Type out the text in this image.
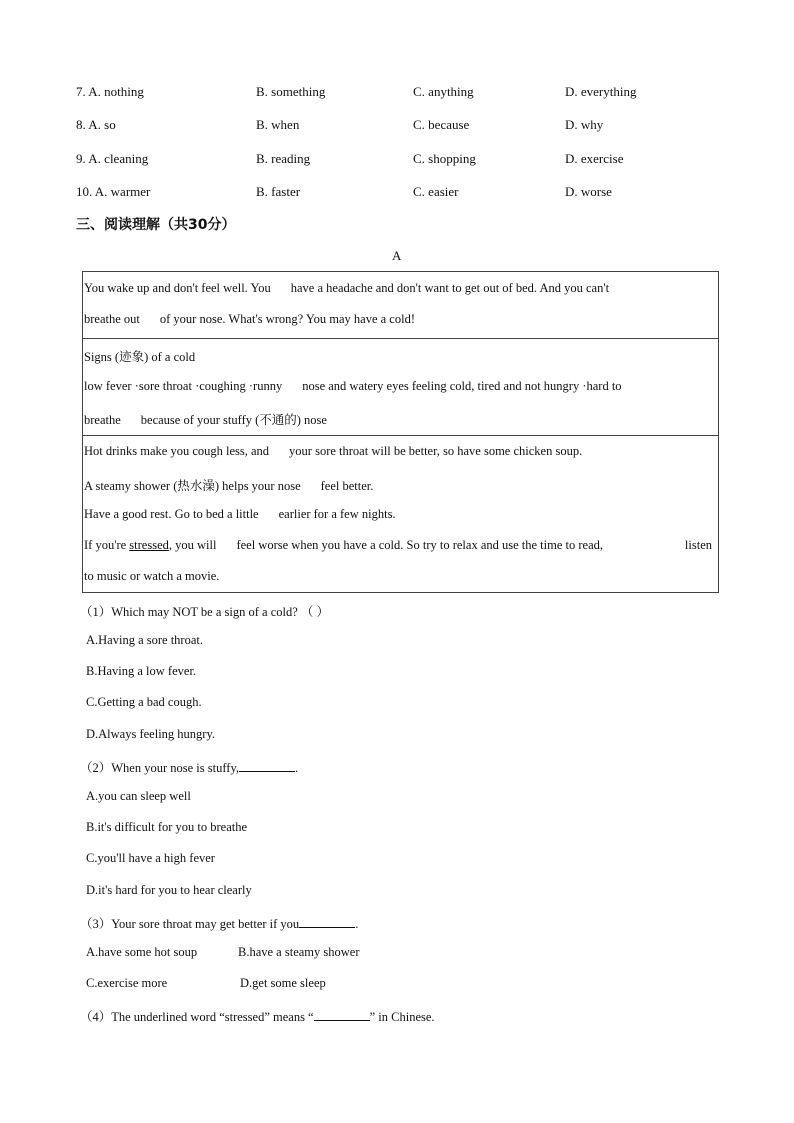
7. A. nothing	B. something	C. anything	D. everything
8. A. so	B. when	C. because	D. why
9. A. cleaning	B. reading	C. shopping	D. exercise
10. A. warmer	B. faster	C. easier	D. worse
三、阅读理解（共30分）
A
You wake up and don't feel well. You have a headache and don't want to get out of bed. And you can't
breathe out of your nose. What's wrong? You may have a cold!
Signs (迹象) of a cold
low fever ·sore throat ·coughing ·runny nose and watery eyes feeling cold, tired and not hungry ·hard to
breathe because of your stuffy (不通的) nose
Hot drinks make you cough less, and your sore throat will be better, so have some chicken soup.
A steamy shower (热水澡) helps your nose feel better.
Have a good rest. Go to bed a little earlier for a few nights.
If you're stressed, you will feel worse when you have a cold. So try to relax and use the time to read,	listen
to music or watch a movie.
（1）Which may NOT be a sign of a cold? （ ）
A.Having a sore throat.
B.Having a low fever.
C.Getting a bad cough.
D.Always feeling hungry.
（2）When your nose is stuffy,	.
A.you can sleep well
B.it's difficult for you to breathe
C.you'll have a high fever
D.it's hard for you to hear clearly
（3）Your sore throat may get better if you	.
A.have some hot soup	B.have a steamy shower
C.exercise more	D.get some sleep
（4）The underlined word “stressed” means “	” in Chinese.
